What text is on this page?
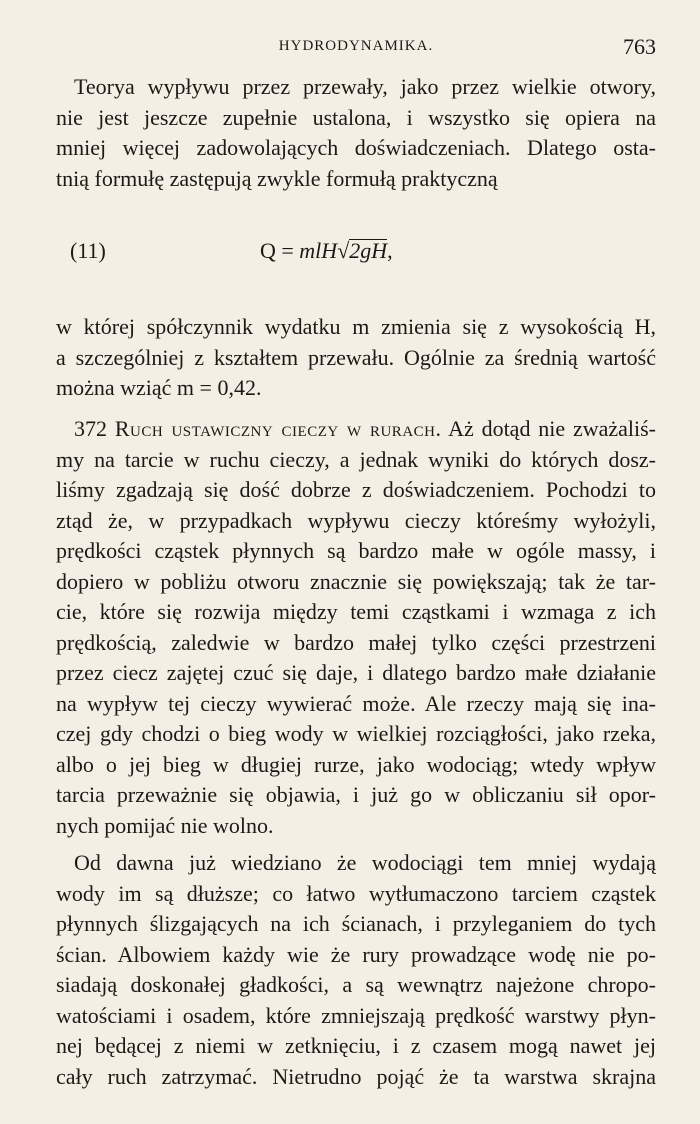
HYDRODYNAMIKA.	763
Teorya wypływu przez przewały, jako przez wielkie otwory,
nie jest jeszcze zupełnie ustalona, i wszystko się opiera na
mniej więcej zadowolających doświadczeniach. Dlatego osta-
tnią formułę zastępują zwykle formułą praktyczną
(11)	Q = mlH√2gH,
w której spółczynnik wydatku m zmienia się z wysokością H,
a szczególniej z kształtem przewału. Ogólnie za średnią wartość
można wziąć m = 0,42.
372 Ruch ustawiczny cieczy w rurach. Aż dotąd nie zważaliś-
my na tarcie w ruchu cieczy, a jednak wyniki do których dosz-
liśmy zgadzają się dość dobrze z doświadczeniem. Pochodzi to
ztąd że, w przypadkach wypływu cieczy któreśmy wyłożyli,
prędkości cząstek płynnych są bardzo małe w ogóle massy, i
dopiero w pobliżu otworu znacznie się powiększają; tak że tar-
cie, które się rozwija między temi cząstkami i wzmaga z ich
prędkością, zaledwie w bardzo małej tylko części przestrzeni
przez ciecz zajętej czuć się daje, i dlatego bardzo małe działanie
na wypływ tej cieczy wywierać może. Ale rzeczy mają się ina-
czej gdy chodzi o bieg wody w wielkiej rozciągłości, jako rzeka,
albo o jej bieg w długiej rurze, jako wodociąg; wtedy wpływ
tarcia przeważnie się objawia, i już go w obliczaniu sił opor-
nych pomijać nie wolno.
Od dawna już wiedziano że wodociągi tem mniej wydają
wody im są dłuższe; co łatwo wytłumaczono tarciem cząstek
płynnych ślizgających na ich ścianach, i przyleganiem do tych
ścian. Albowiem każdy wie że rury prowadzące wodę nie po-
siadają doskonałej gładkości, a są wewnątrz najeżone chropo-
watościami i osadem, które zmniejszają prędkość warstwy płyn-
nej będącej z niemi w zetknięciu, i z czasem mogą nawet jej
cały ruch zatrzymać. Nietrudno pojąć że ta warstwa skrajna
